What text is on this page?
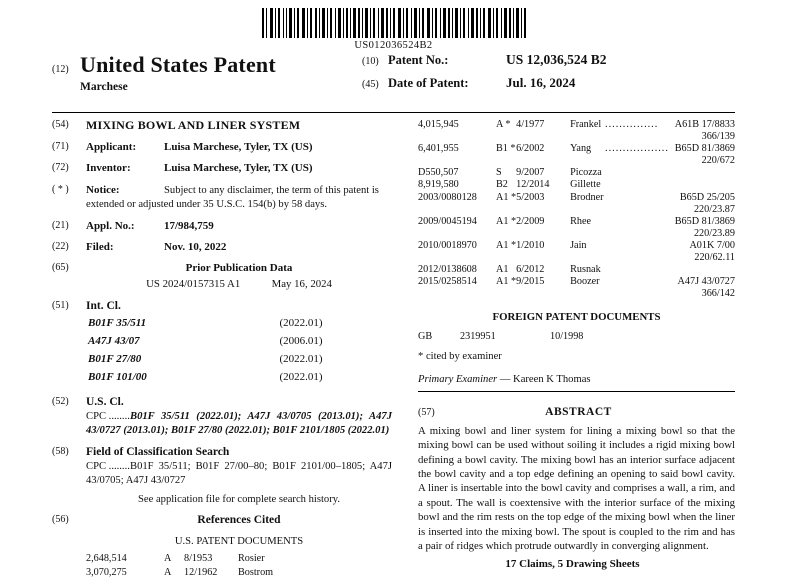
US012036524B2
(12) United States Patent
Marchese
(10) Patent No.:	US 12,036,524 B2
(45) Date of Patent:	Jul. 16, 2024
(54)	MIXING BOWL AND LINER SYSTEM
(71)	Applicant:	Luisa Marchese, Tyler, TX (US)
(72)	Inventor:	Luisa Marchese, Tyler, TX (US)
( * )	Notice:	Subject to any disclaimer, the term of this patent is extended or adjusted under 35 U.S.C. 154(b) by 58 days.
(21)	Appl. No.:	17/984,759
(22)	Filed:	Nov. 10, 2022
(65)	Prior Publication Data
US 2024/0157315 A1	May 16, 2024
(51)	Int. Cl.
B01F 35/511	(2022.01)
A47J 43/07	(2006.01)
B01F 27/80	(2022.01)
B01F 101/00	(2022.01)
(52)	U.S. Cl.
CPC ........B01F 35/511 (2022.01); A47J 43/0705 (2013.01); A47J 43/0727 (2013.01); B01F 27/80 (2022.01); B01F 2101/1805 (2022.01)
(58)	Field of Classification Search
CPC ........B01F 35/511; B01F 27/00–80; B01F 2101/00–1805; A47J 43/0705; A47J 43/0727
See application file for complete search history.
(56)	References Cited
U.S. PATENT DOCUMENTS
2,648,514	A	8/1953	Rosier
3,070,275	A	12/1962	Bostrom
4,015,945	A *	4/1977	Frankel	...............	A61B 17/8833
366/139					
6,401,955	B1 *	6/2002	Yang	..................	B65D 81/3869
220/672					
D550,507	S	9/2007	Picozza		
8,919,580	B2	12/2014	Gillette		

2003/0080128	A1 *	5/2003	Brodner		B65D 25/205
220/23.87					
2009/0045194	A1 *	2/2009	Rhee		B65D 81/3869
220/23.89					
2010/0018970	A1 *	1/2010	Jain		A01K 7/00
220/62.11					
2012/0138608	A1	6/2012	Rusnak		
2015/0258514	A1 *	9/2015	Boozer		A47J 43/0727
366/142					
FOREIGN PATENT DOCUMENTS
GB	2319951	10/1998
* cited by examiner
Primary Examiner — Kareen K Thomas
(57)	ABSTRACT
A mixing bowl and liner system for lining a mixing bowl so that the mixing bowl can be used without soiling it includes a rigid mixing bowl defining a bowl cavity. The mixing bowl has an interior surface adjacent the bowl cavity and a top edge defining an opening to said bowl cavity. A liner is insertable into the bowl cavity and comprises a wall, a rim, and a spout. The wall is coextensive with the interior surface of the mixing bowl and the rim rests on the top edge of the mixing bowl when the liner is inserted into the mixing bowl. The spout is coupled to the rim and has a pair of ridges which protrude outwardly in converging alignment.
17 Claims, 5 Drawing Sheets
